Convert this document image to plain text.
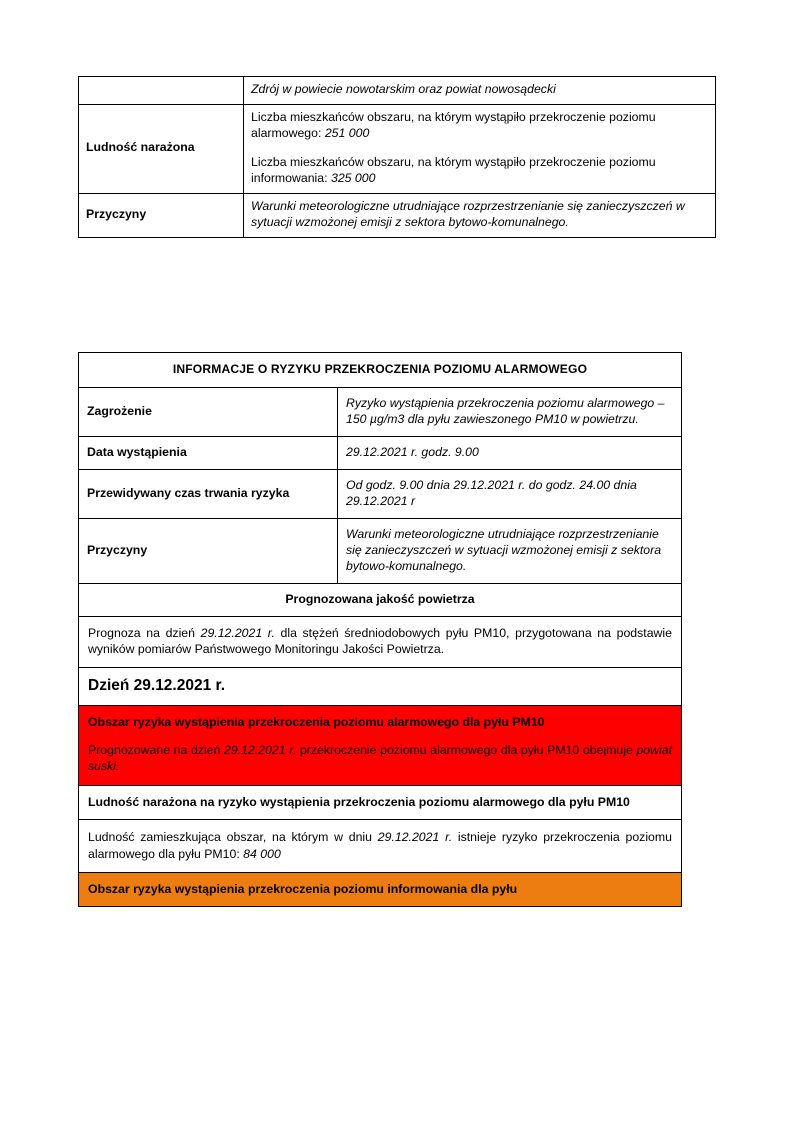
	Zdrój w powiecie nowotarskim oraz powiat nowosądecki
Ludność narażona	Liczba mieszkańców obszaru, na którym wystąpiło przekroczenie poziomu alarmowego: 251 000
Liczba mieszkańców obszaru, na którym wystąpiło przekroczenie poziomu informowania: 325 000

Przyczyny	Warunki meteorologiczne utrudniające rozprzestrzenianie się zanieczyszczeń w sytuacji wzmożonej emisji z sektora bytowo-komunalnego.
INFORMACJE O RYZYKU PRZEKROCZENIA POZIOMU ALARMOWEGO	
Zagrożenie	Ryzyko wystąpienia przekroczenia poziomu alarmowego – 150 µg/m3 dla pyłu zawieszonego PM10 w powietrzu.
Data wystąpienia	29.12.2021 r. godz. 9.00
Przewidywany czas trwania ryzyka	Od godz. 9.00 dnia 29.12.2021 r. do godz. 24.00 dnia 29.12.2021 r
Przyczyny	Warunki meteorologiczne utrudniające rozprzestrzenianie się zanieczyszczeń w sytuacji wzmożonej emisji z sektora bytowo-komunalnego.
Prognozowana jakość powietrza	
Prognoza na dzień 29.12.2021 r. dla stężeń średniodobowych pyłu PM10, przygotowana na podstawie wyników pomiarów Państwowego Monitoringu Jakości Powietrza.	
Dzień 29.12.2021 r.	
Obszar ryzyka wystąpienia przekroczenia poziomu alarmowego dla pyłu PM10
Prognozowane na dzień 29.12.2021 r. przekroczenie poziomu alarmowego dla pyłu PM10 obejmuje powiat suski.	

Ludność narażona na ryzyko wystąpienia przekroczenia poziomu alarmowego dla pyłu PM10	
Ludność zamieszkująca obszar, na którym w dniu 29.12.2021 r. istnieje ryzyko przekroczenia poziomu alarmowego dla pyłu PM10: 84 000	
Obszar ryzyka wystąpienia przekroczenia poziomu informowania dla pyłu	
